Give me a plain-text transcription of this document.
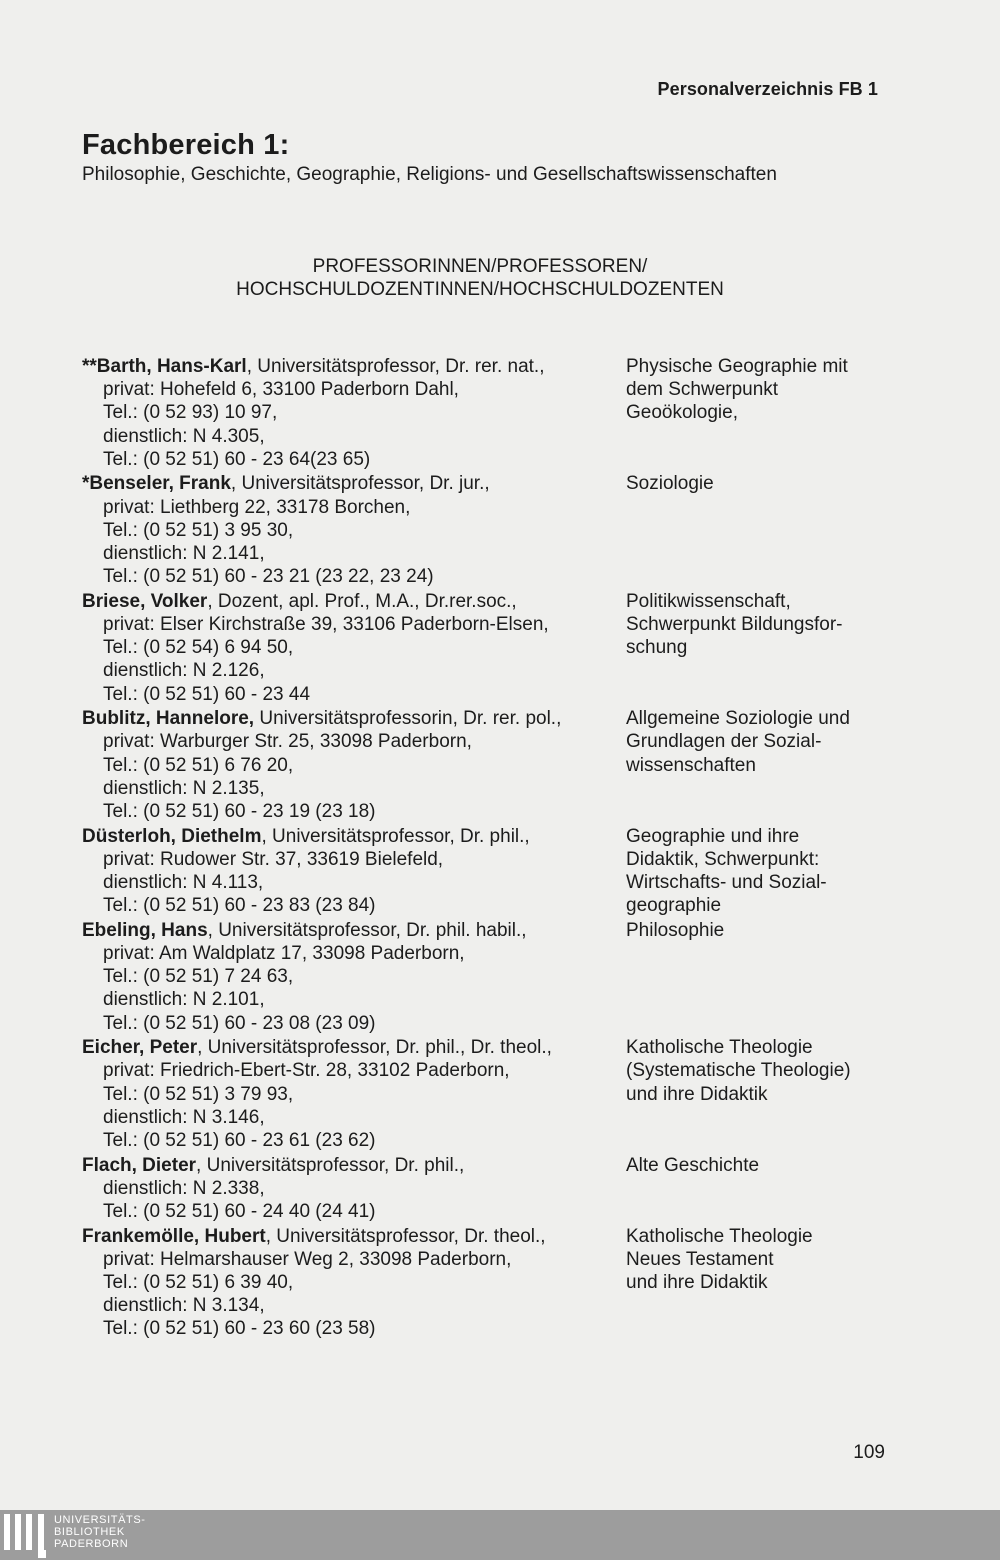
Personalverzeichnis FB 1
Fachbereich 1:
Philosophie, Geschichte, Geographie, Religions- und Gesellschaftswissenschaften
PROFESSORINNEN/PROFESSOREN/
HOCHSCHULDOZENTINNEN/HOCHSCHULDOZENTEN
**Barth, Hans-Karl, Universitätsprofessor, Dr. rer. nat.,
privat: Hohefeld 6, 33100 Paderborn Dahl,
Tel.: (0 52 93) 10 97,
dienstlich: N 4.305,
Tel.: (0 52 51) 60 - 23 64(23 65)
Physische Geographie mit
dem Schwerpunkt
Geoökologie,
*Benseler, Frank, Universitätsprofessor, Dr. jur.,
privat: Liethberg 22, 33178 Borchen,
Tel.: (0 52 51) 3 95 30,
dienstlich: N 2.141,
Tel.: (0 52 51) 60 - 23 21 (23 22, 23 24)
Soziologie
Briese, Volker, Dozent, apl. Prof., M.A., Dr.rer.soc.,
privat: Elser Kirchstraße 39, 33106 Paderborn-Elsen,
Tel.: (0 52 54) 6 94 50,
dienstlich: N 2.126,
Tel.: (0 52 51) 60 - 23 44
Politikwissenschaft,
Schwerpunkt Bildungsfor-
schung
Bublitz, Hannelore, Universitätsprofessorin, Dr. rer. pol.,
privat: Warburger Str. 25, 33098 Paderborn,
Tel.: (0 52 51) 6 76 20,
dienstlich: N 2.135,
Tel.: (0 52 51) 60 - 23 19 (23 18)
Allgemeine Soziologie und
Grundlagen der Sozial-
wissenschaften
Düsterloh, Diethelm, Universitätsprofessor, Dr. phil.,
privat: Rudower Str. 37, 33619 Bielefeld,
dienstlich: N 4.113,
Tel.: (0 52 51) 60 - 23 83 (23 84)
Geographie und ihre
Didaktik, Schwerpunkt:
Wirtschafts- und Sozial-
geographie
Ebeling, Hans, Universitätsprofessor, Dr. phil. habil.,
privat: Am Waldplatz 17, 33098 Paderborn,
Tel.: (0 52 51) 7 24 63,
dienstlich: N 2.101,
Tel.: (0 52 51) 60 - 23 08 (23 09)
Philosophie
Eicher, Peter, Universitätsprofessor, Dr. phil., Dr. theol.,
privat: Friedrich-Ebert-Str. 28, 33102 Paderborn,
Tel.: (0 52 51) 3 79 93,
dienstlich: N 3.146,
Tel.: (0 52 51) 60 - 23 61 (23 62)
Katholische Theologie
(Systematische Theologie)
und ihre Didaktik
Flach, Dieter, Universitätsprofessor, Dr. phil.,
dienstlich: N 2.338,
Tel.: (0 52 51) 60 - 24 40 (24 41)
Alte Geschichte
Frankemölle, Hubert, Universitätsprofessor, Dr. theol.,
privat: Helmarshauser Weg 2, 33098 Paderborn,
Tel.: (0 52 51) 6 39 40,
dienstlich: N 3.134,
Tel.: (0 52 51) 60 - 23 60 (23 58)
Katholische Theologie
Neues Testament
und ihre Didaktik
109
UNIVERSITÄTS-
BIBLIOTHEK
PADERBORN
